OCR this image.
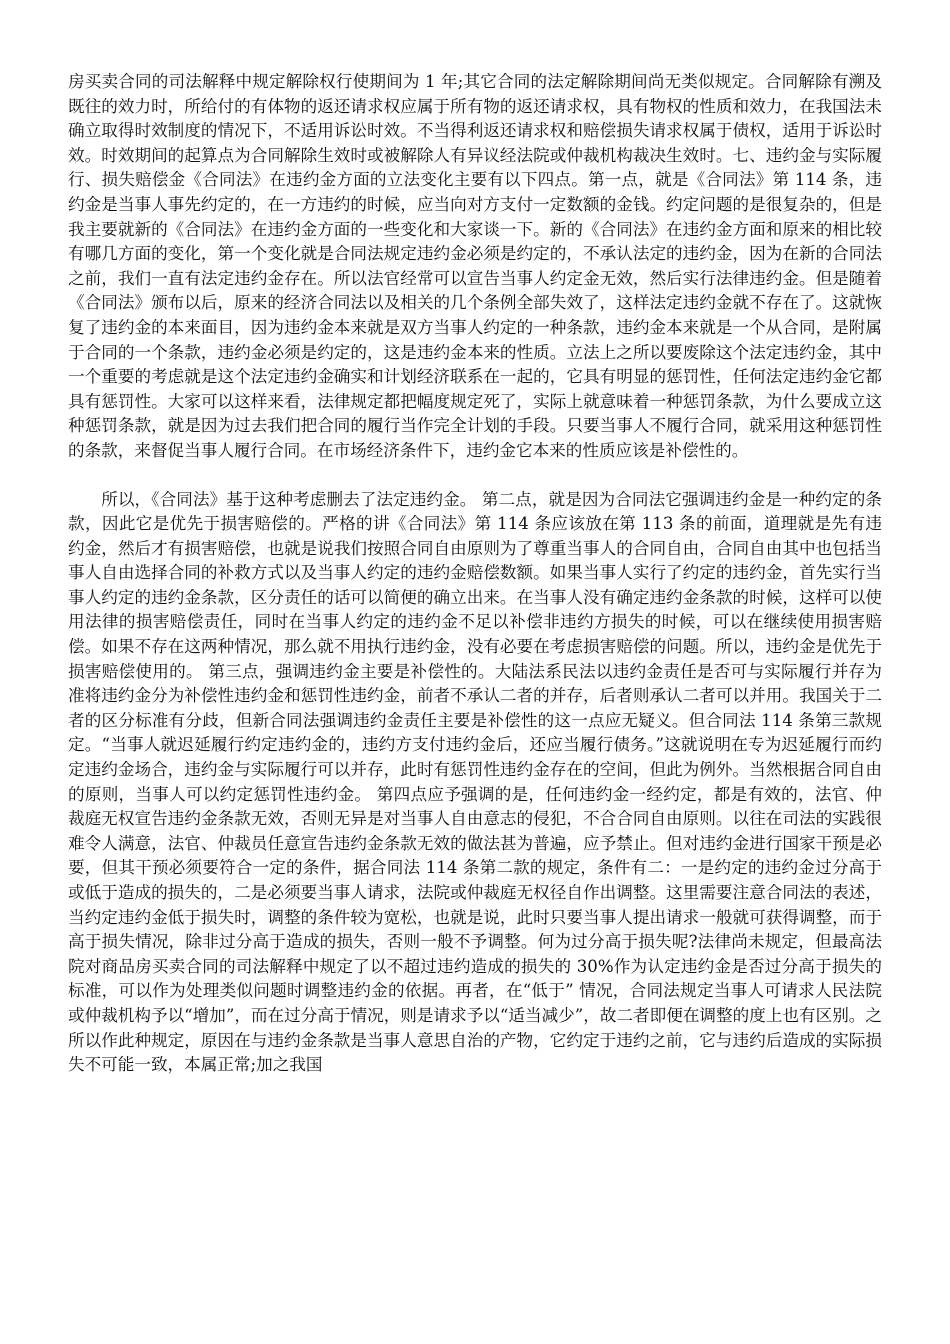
房买卖合同的司法解释中规定解除权行使期间为 1 年;其它合同的法定解除期间尚无类似规定。合同解除有溯及既往的效力时，所给付的有体物的返还请求权应属于所有物的返还请求权，具有物权的性质和效力，在我国法未确立取得时效制度的情况下，不适用诉讼时效。不当得利返还请求权和赔偿损失请求权属于债权，适用于诉讼时效。时效期间的起算点为合同解除生效时或被解除人有异议经法院或仲裁机构裁决生效时。七、违约金与实际履行、损失赔偿金《合同法》在违约金方面的立法变化主要有以下四点。第一点，就是《合同法》第 114 条，违约金是当事人事先约定的，在一方违约的时候，应当向对方支付一定数额的金钱。约定问题的是很复杂的，但是我主要就新的《合同法》在违约金方面的一些变化和大家谈一下。新的《合同法》在违约金方面和原来的相比较有哪几方面的变化，第一个变化就是合同法规定违约金必须是约定的，不承认法定的违约金，因为在新的合同法之前，我们一直有法定违约金存在。所以法官经常可以宣告当事人约定金无效，然后实行法律违约金。但是随着《合同法》颁布以后，原来的经济合同法以及相关的几个条例全部失效了，这样法定违约金就不存在了。这就恢复了违约金的本来面目，因为违约金本来就是双方当事人约定的一种条款，违约金本来就是一个从合同，是附属于合同的一个条款，违约金必须是约定的，这是违约金本来的性质。立法上之所以要废除这个法定违约金，其中一个重要的考虑就是这个法定违约金确实和计划经济联系在一起的，它具有明显的惩罚性，任何法定违约金它都具有惩罚性。大家可以这样来看，法律规定都把幅度规定死了，实际上就意味着一种惩罚条款，为什么要成立这种惩罚条款，就是因为过去我们把合同的履行当作完全计划的手段。只要当事人不履行合同，就采用这种惩罚性的条款，来督促当事人履行合同。在市场经济条件下，违约金它本来的性质应该是补偿性的。

所以，《合同法》基于这种考虑删去了法定违约金。 第二点，就是因为合同法它强调违约金是一种约定的条款，因此它是优先于损害赔偿的。严格的讲《合同法》第 114 条应该放在第 113 条的前面，道理就是先有违约金，然后才有损害赔偿，也就是说我们按照合同自由原则为了尊重当事人的合同自由，合同自由其中也包括当事人自由选择合同的补救方式以及当事人约定的违约金赔偿数额。如果当事人实行了约定的违约金，首先实行当事人约定的违约金条款，区分责任的话可以简便的确立出来。在当事人没有确定违约金条款的时候，这样可以使用法律的损害赔偿责任，同时在当事人约定的违约金不足以补偿非违约方损失的时候，可以在继续使用损害赔偿。如果不存在这两种情况，那么就不用执行违约金，没有必要在考虑损害赔偿的问题。所以，违约金是优先于损害赔偿使用的。 第三点，强调违约金主要是补偿性的。大陆法系民法以违约金责任是否可与实际履行并存为准将违约金分为补偿性违约金和惩罚性违约金，前者不承认二者的并存，后者则承认二者可以并用。我国关于二者的区分标准有分歧，但新合同法强调违约金责任主要是补偿性的这一点应无疑义。但合同法 114 条第三款规定。“当事人就迟延履行约定违约金的，违约方支付违约金后，还应当履行债务。”这就说明在专为迟延履行而约定违约金场合，违约金与实际履行可以并存，此时有惩罚性违约金存在的空间，但此为例外。当然根据合同自由的原则，当事人可以约定惩罚性违约金。 第四点应予强调的是，任何违约金一经约定，都是有效的，法官、仲裁庭无权宣告违约金条款无效，否则无异是对当事人自由意志的侵犯，不合合同自由原则。以往在司法的实践很难令人满意，法官、仲裁员任意宣告违约金条款无效的做法甚为普遍，应予禁止。但对违约金进行国家干预是必要，但其干预必须要符合一定的条件，据合同法 114 条第二款的规定，条件有二：一是约定的违约金过分高于或低于造成的损失的，二是必须要当事人请求，法院或仲裁庭无权径自作出调整。这里需要注意合同法的表述，当约定违约金低于损失时，调整的条件较为宽松，也就是说，此时只要当事人提出请求一般就可获得调整，而于高于损失情况，除非过分高于造成的损失，否则一般不予调整。何为过分高于损失呢?法律尚未规定，但最高法院对商品房买卖合同的司法解释中规定了以不超过违约造成的损失的 30%作为认定违约金是否过分高于损失的标准，可以作为处理类似问题时调整违约金的依据。再者，在“低于” 情况，合同法规定当事人可请求人民法院或仲裁机构予以“增加”，而在过分高于情况，则是请求予以“适当减少”，故二者即便在调整的度上也有区别。之所以作此种规定，原因在与违约金条款是当事人意思自治的产物，它约定于违约之前，它与违约后造成的实际损失不可能一致，本属正常;加之我国
